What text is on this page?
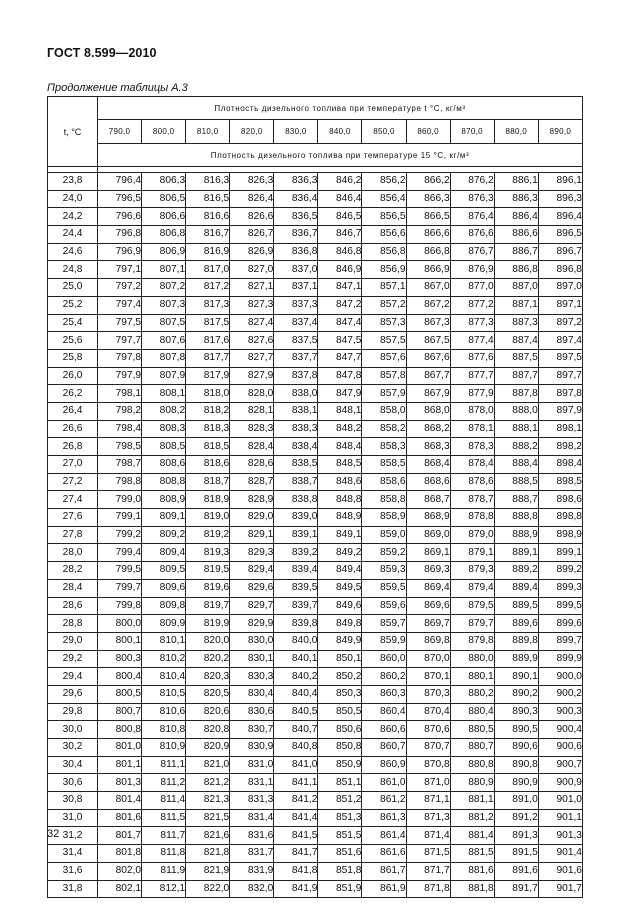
ГОСТ 8.599—2010
Продолжение таблицы А.3
t, °С	Плотность дизельного топлива при температуре t °С, кг/м³										
	790,0	800,0	810,0	820,0	830,0	840,0	850,0	860,0	870,0	880,0	890,0
	Плотность дизельного топлива при температуре 15 °С, кг/м³										

23,8	796,4	806,3	816,3	826,3	836,3	846,2	856,2	866,2	876,2	886,1	896,1
24,0	796,5	806,5	816,5	826,4	836,4	846,4	856,4	866,3	876,3	886,3	896,3
24,2	796,6	806,6	816,6	826,6	836,5	846,5	856,5	866,5	876,4	886,4	896,4
24,4	796,8	806,8	816,7	826,7	836,7	846,7	856,6	866,6	876,6	886,6	896,5
24,6	796,9	806,9	816,9	826,9	836,8	846,8	856,8	866,8	876,7	886,7	896,7
24,8	797,1	807,1	817,0	827,0	837,0	846,9	856,9	866,9	876,9	886,8	896,8
25,0	797,2	807,2	817,2	827,1	837,1	847,1	857,1	867,0	877,0	887,0	897,0
25,2	797,4	807,3	817,3	827,3	837,3	847,2	857,2	867,2	877,2	887,1	897,1
25,4	797,5	807,5	817,5	827,4	837,4	847,4	857,3	867,3	877,3	887,3	897,2
25,6	797,7	807,6	817,6	827,6	837,5	847,5	857,5	867,5	877,4	887,4	897,4
25,8	797,8	807,8	817,7	827,7	837,7	847,7	857,6	867,6	877,6	887,5	897,5
26,0	797,9	807,9	817,9	827,9	837,8	847,8	857,8	867,7	877,7	887,7	897,7
26,2	798,1	808,1	818,0	828,0	838,0	847,9	857,9	867,9	877,9	887,8	897,8
26,4	798,2	808,2	818,2	828,1	838,1	848,1	858,0	868,0	878,0	888,0	897,9
26,6	798,4	808,3	818,3	828,3	838,3	848,2	858,2	868,2	878,1	888,1	898,1
26,8	798,5	808,5	818,5	828,4	838,4	848,4	858,3	868,3	878,3	888,2	898,2
27,0	798,7	808,6	818,6	828,6	838,5	848,5	858,5	868,4	878,4	888,4	898,4
27,2	798,8	808,8	818,7	828,7	838,7	848,6	858,6	868,6	878,6	888,5	898,5
27,4	799,0	808,9	818,9	828,9	838,8	848,8	858,8	868,7	878,7	888,7	898,6
27,6	799,1	809,1	819,0	829,0	839,0	848,9	858,9	868,9	878,8	888,8	898,8
27,8	799,2	809,2	819,2	829,1	839,1	849,1	859,0	869,0	879,0	888,9	898,9
28,0	799,4	809,4	819,3	829,3	839,2	849,2	859,2	869,1	879,1	889,1	899,1
28,2	799,5	809,5	819,5	829,4	839,4	849,4	859,3	869,3	879,3	889,2	899,2
28,4	799,7	809,6	819,6	829,6	839,5	849,5	859,5	869,4	879,4	889,4	899,3
28,6	799,8	809,8	819,7	829,7	839,7	849,6	859,6	869,6	879,5	889,5	899,5
28,8	800,0	809,9	819,9	829,9	839,8	849,8	859,7	869,7	879,7	889,6	899,6
29,0	800,1	810,1	820,0	830,0	840,0	849,9	859,9	869,8	879,8	889,8	899,7
29,2	800,3	810,2	820,2	830,1	840,1	850,1	860,0	870,0	880,0	889,9	899,9
29,4	800,4	810,4	820,3	830,3	840,2	850,2	860,2	870,1	880,1	890,1	900,0
29,6	800,5	810,5	820,5	830,4	840,4	850,3	860,3	870,3	880,2	890,2	900,2
29,8	800,7	810,6	820,6	830,6	840,5	850,5	860,4	870,4	880,4	890,3	900,3
30,0	800,8	810,8	820,8	830,7	840,7	850,6	860,6	870,6	880,5	890,5	900,4
30,2	801,0	810,9	820,9	830,9	840,8	850,8	860,7	870,7	880,7	890,6	900,6
30,4	801,1	811,1	821,0	831,0	841,0	850,9	860,9	870,8	880,8	890,8	900,7
30,6	801,3	811,2	821,2	831,1	841,1	851,1	861,0	871,0	880,9	890,9	900,9
30,8	801,4	811,4	821,3	831,3	841,2	851,2	861,2	871,1	881,1	891,0	901,0
31,0	801,6	811,5	821,5	831,4	841,4	851,3	861,3	871,3	881,2	891,2	901,1
31,2	801,7	811,7	821,6	831,6	841,5	851,5	861,4	871,4	881,4	891,3	901,3
31,4	801,8	811,8	821,8	831,7	841,7	851,6	861,6	871,5	881,5	891,5	901,4
31,6	802,0	811,9	821,9	831,9	841,8	851,8	861,7	871,7	881,6	891,6	901,6
31,8	802,1	812,1	822,0	832,0	841,9	851,9	861,9	871,8	881,8	891,7	901,7
32
